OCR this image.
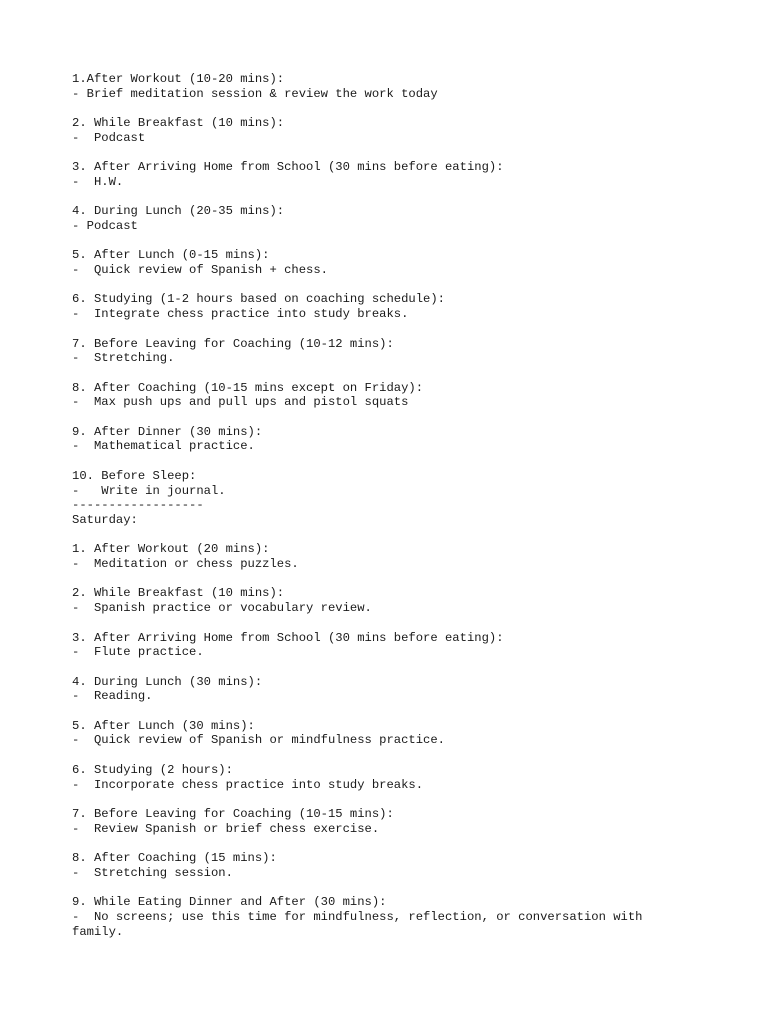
1.After Workout (10-20 mins):
- Brief meditation session & review the work today
2. While Breakfast (10 mins):
-  Podcast
3. After Arriving Home from School (30 mins before eating):
-  H.W.
4. During Lunch (20-35 mins):
- Podcast
5. After Lunch (0-15 mins):
-  Quick review of Spanish + chess.
6. Studying (1-2 hours based on coaching schedule):
-  Integrate chess practice into study breaks.
7. Before Leaving for Coaching (10-12 mins):
-  Stretching.
8. After Coaching (10-15 mins except on Friday):
-  Max push ups and pull ups and pistol squats
9. After Dinner (30 mins):
-  Mathematical practice.
10. Before Sleep:
-   Write in journal.
------------------
Saturday:
1. After Workout (20 mins):
-  Meditation or chess puzzles.
2. While Breakfast (10 mins):
-  Spanish practice or vocabulary review.
3. After Arriving Home from School (30 mins before eating):
-  Flute practice.
4. During Lunch (30 mins):
-  Reading.
5. After Lunch (30 mins):
-  Quick review of Spanish or mindfulness practice.
6. Studying (2 hours):
-  Incorporate chess practice into study breaks.
7. Before Leaving for Coaching (10-15 mins):
-  Review Spanish or brief chess exercise.
8. After Coaching (15 mins):
-  Stretching session.
9. While Eating Dinner and After (30 mins):
-  No screens; use this time for mindfulness, reflection, or conversation with
family.
